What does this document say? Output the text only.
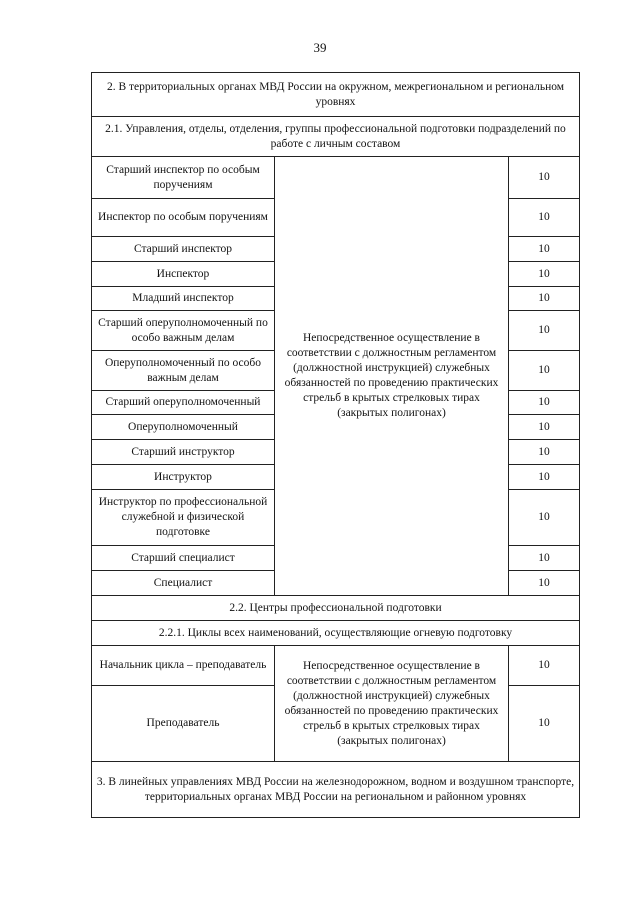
39
2. В территориальных органах МВД России на окружном, межрегиональном и региональном уровнях		
2.1. Управления, отделы, отделения, группы профессиональной подготовки подразделений по работе с личным составом		
Старший инспектор по особым поручениям	Непосредственное осуществление в соответствии с должностным регламентом (должностной инструкцией) служебных обязанностей по проведению практических стрельб в крытых стрелковых тирах (закрытых полигонах)	10
Инспектор по особым поручениям		10
Старший инспектор		10
Инспектор		10
Младший инспектор		10
Старший оперуполномоченный по особо важным делам		10
Оперуполномоченный по особо важным делам		10
Старший оперуполномоченный		10
Оперуполномоченный		10
Старший инструктор		10
Инструктор		10
Инструктор по профессиональной служебной и физической подготовке		10
Старший специалист		10
Специалист		10
2.2. Центры профессиональной подготовки		
2.2.1. Циклы всех наименований, осуществляющие огневую подготовку		
Начальник цикла – преподаватель	Непосредственное осуществление в соответствии с должностным регламентом (должностной инструкцией) служебных обязанностей по проведению практических стрельб в крытых стрелковых тирах (закрытых полигонах)	10
Преподаватель		10
3. В линейных управлениях МВД России на железнодорожном, водном и воздушном транспорте, территориальных органах МВД России на региональном и районном уровнях		
